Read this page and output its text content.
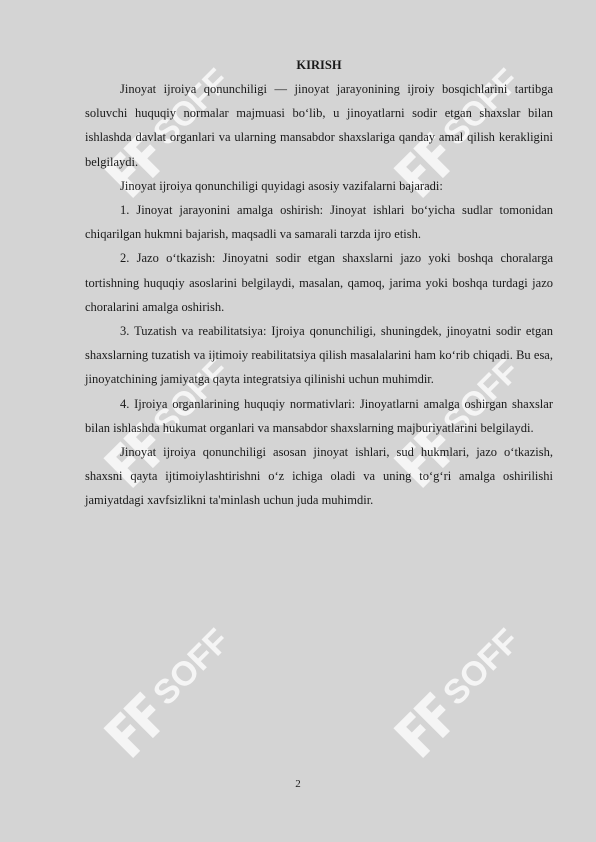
SOFF	SOFF
SOFF	SOFF
SOFF	SOFF
KIRISH

Jinoyat ijroiya qonunchiligi — jinoyat jarayonining ijroiy bosqichlarini tartibga soluvchi huquqiy normalar majmuasi bo‘lib, u jinoyatlarni sodir etgan shaxslar bilan ishlashda davlat organlari va ularning mansabdor shaxslariga qanday amal qilish kerakligini belgilaydi.

Jinoyat ijroiya qonunchiligi quyidagi asosiy vazifalarni bajaradi:

1. Jinoyat jarayonini amalga oshirish: Jinoyat ishlari bo‘yicha sudlar tomonidan chiqarilgan hukmni bajarish, maqsadli va samarali tarzda ijro etish.

2. Jazo o‘tkazish: Jinoyatni sodir etgan shaxslarni jazo yoki boshqa choralarga tortishning huquqiy asoslarini belgilaydi, masalan, qamoq, jarima yoki boshqa turdagi jazo choralarini amalga oshirish.

3. Tuzatish va reabilitatsiya: Ijroiya qonunchiligi, shuningdek, jinoyatni sodir etgan shaxslarning tuzatish va ijtimoiy reabilitatsiya qilish masalalarini ham ko‘rib chiqadi. Bu esa, jinoyatchining jamiyatga qayta integratsiya qilinishi uchun muhimdir.

4. Ijroiya organlarining huquqiy normativlari: Jinoyatlarni amalga oshirgan shaxslar bilan ishlashda hukumat organlari va mansabdor shaxslarning majburiyatlarini belgilaydi.

Jinoyat ijroiya qonunchiligi asosan jinoyat ishlari, sud hukmlari, jazo o‘tkazish, shaxsni qayta ijtimoiylashtirishni o‘z ichiga oladi va uning to‘g‘ri amalga oshirilishi jamiyatdagi xavfsizlikni ta'minlash uchun juda muhimdir.

2
